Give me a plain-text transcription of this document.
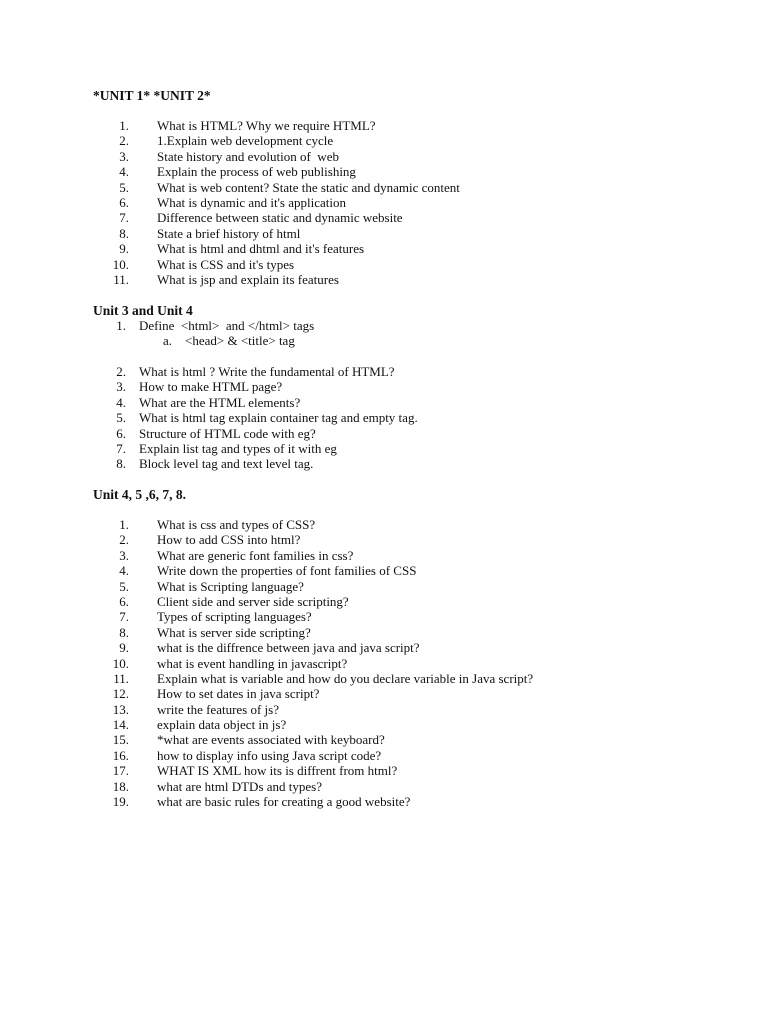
*UNIT 1* *UNIT 2*
1. What is HTML? Why we require HTML?
2. 1.Explain web development cycle
3. State history and evolution of  web
4. Explain the process of web publishing
5. What is web content? State the static and dynamic content
6. What is dynamic and it's application
7. Difference between static and dynamic website
8. State a brief history of html
9. What is html and dhtml and it's features
10. What is CSS and it's types
11. What is jsp and explain its features
Unit 3 and Unit 4
1. Define  <html>  and </html> tags
a. <head> & <title> tag
2. What is html ? Write the fundamental of HTML?
3. How to make HTML page?
4. What are the HTML elements?
5. What is html tag explain container tag and empty tag.
6. Structure of HTML code with eg?
7. Explain list tag and types of it with eg
8. Block level tag and text level tag.
Unit 4, 5 ,6, 7, 8.
1. What is css and types of CSS?
2. How to add CSS into html?
3. What are generic font families in css?
4. Write down the properties of font families of CSS
5. What is Scripting language?
6. Client side and server side scripting?
7. Types of scripting languages?
8. What is server side scripting?
9. what is the diffrence between java and java script?
10. what is event handling in javascript?
11. Explain what is variable and how do you declare variable in Java script?
12. How to set dates in java script?
13. write the features of js?
14. explain data object in js?
15. *what are events associated with keyboard?
16. how to display info using Java script code?
17. WHAT IS XML how its is diffrent from html?
18. what are html DTDs and types?
19. what are basic rules for creating a good website?
